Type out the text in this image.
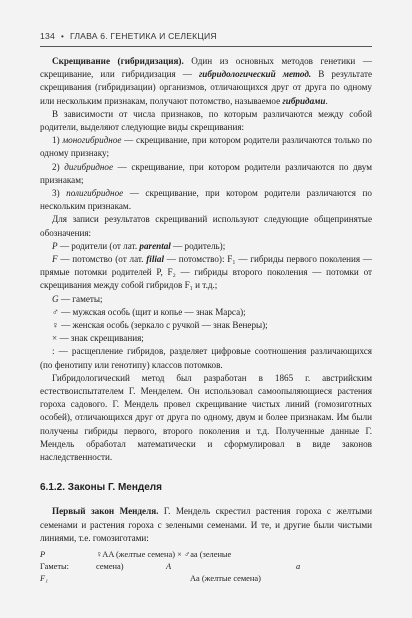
134 • ГЛАВА 6. ГЕНЕТИКА И СЕЛЕКЦИЯ

Скрещивание (гибридизация). Один из основных методов генетики — скрещивание, или гибридизация — гибридологический метод. В результате скрещивания (гибридизации) организмов, отличающихся друг от друга по одному или нескольким признакам, получают потомство, называемое гибридами.

В зависимости от числа признаков, по которым различаются между собой родители, выделяют следующие виды скрещивания:

1) моногибридное — скрещивание, при котором родители различаются только по одному признаку;

2) дигибридное — скрещивание, при котором родители различаются по двум признакам;

3) полигибридное — скрещивание, при котором родители различаются по нескольким признакам.

Для записи результатов скрещиваний используют следующие общепринятые обозначения:

P — родители (от лат. parental — родитель);

F — потомство (от лат. filial — потомство): F₁ — гибриды первого поколения — прямые потомки родителей P, F₂ — гибриды второго поколения — потомки от скрещивания между собой гибридов F₁ и т.д.;

G — гаметы;

♂ — мужская особь (щит и копье — знак Марса);

♀ — женская особь (зеркало с ручкой — знак Венеры);

× — знак скрещивания;

: — расщепление гибридов, разделяет цифровые соотношения различающихся (по фенотипу или генотипу) классов потомков.

Гибридологический метод был разработан в 1865 г. австрийским естествоиспытателем Г. Менделем. Он использовал самоопыляющиеся растения гороха садового. Г. Мендель провел скрещивание чистых линий (гомозиготных особей), отличающихся друг от друга по одному, двум и более признакам. Им были получены гибриды первого, второго поколения и т.д. Полученные данные Г. Мендель обработал математически и сформулировал в виде законов наследственности.

6.1.2. Законы Г. Менделя

Первый закон Менделя. Г. Мендель скрестил растения гороха с желтыми семенами и растения гороха с зелеными семенами. И те, и другие были чистыми линиями, т.е. гомозиготами:

P	♀AA (желтые семена) × ♂aa (зеленые семена)
Гаметы:	A	a
F₁	Aa (желтые семена)
